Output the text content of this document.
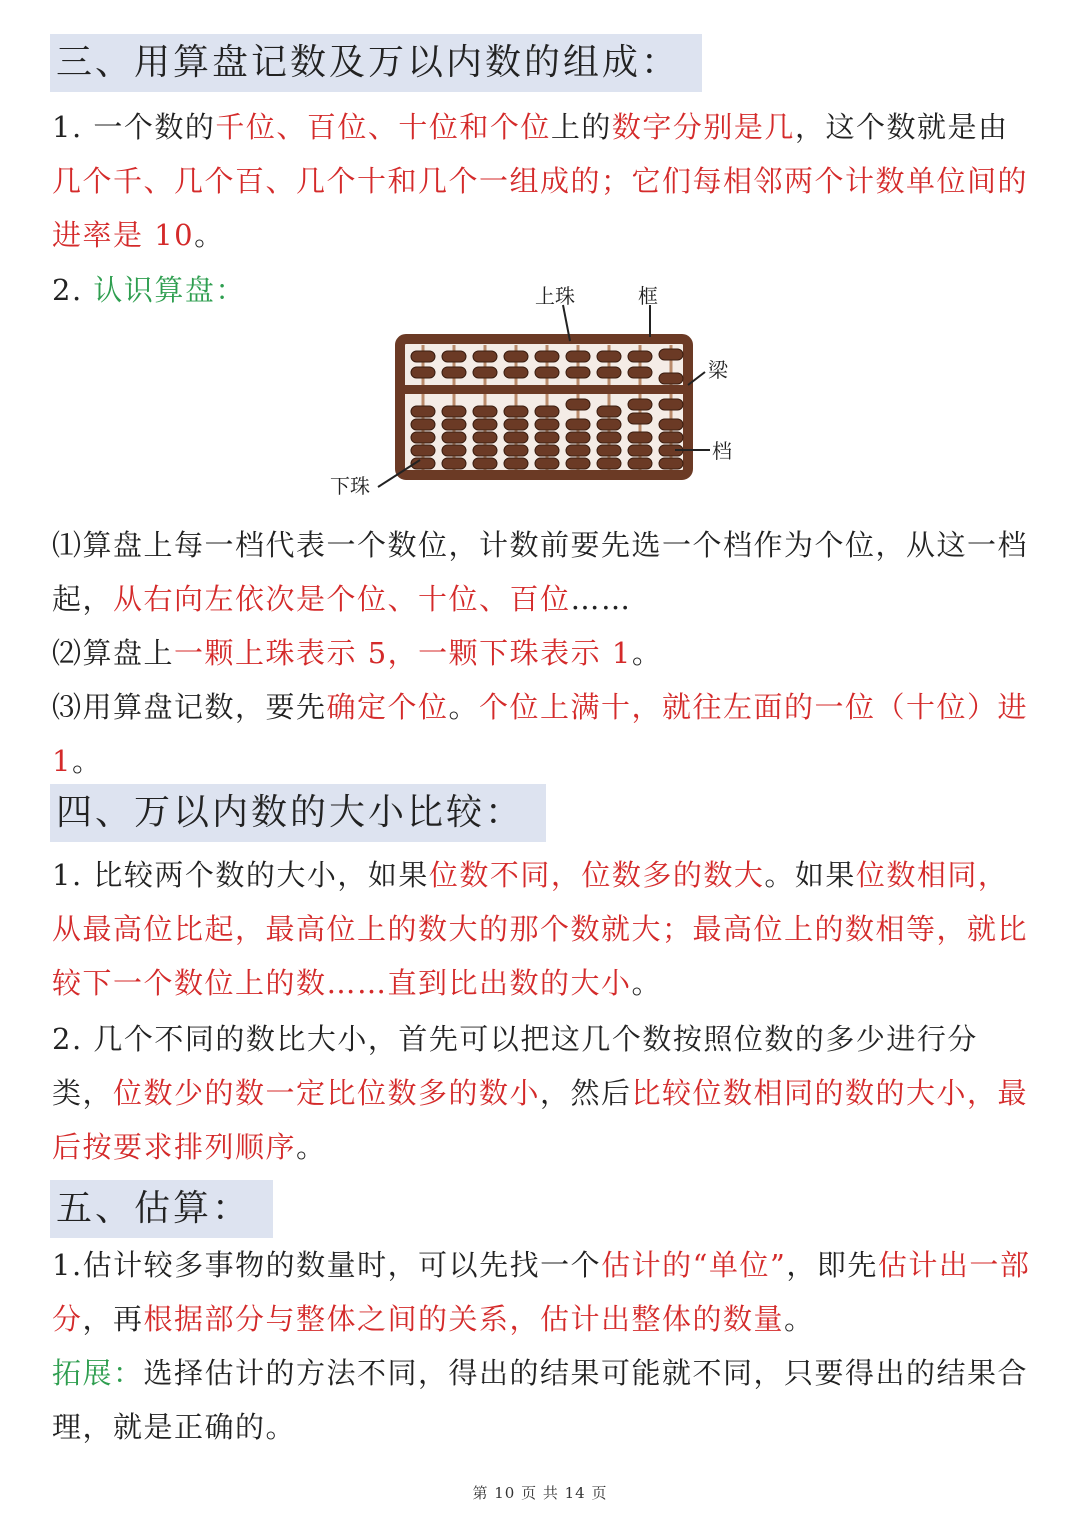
三、用算盘记数及万以内数的组成：
1. 一个数的千位、百位、十位和个位上的数字分别是几，这个数就是由几个千、几个百、几个十和几个一组成的；它们每相邻两个计数单位间的进率是 10。
2. 认识算盘：	上珠	框
梁
档
下珠
⑴算盘上每一档代表一个数位，计数前要先选一个档作为个位，从这一档起，从右向左依次是个位、十位、百位……
⑵算盘上一颗上珠表示 5，一颗下珠表示 1。
⑶用算盘记数，要先确定个位。个位上满十，就往左面的一位（十位）进 1。
四、万以内数的大小比较：
1. 比较两个数的大小，如果位数不同，位数多的数大。如果位数相同，从最高位比起，最高位上的数大的那个数就大；最高位上的数相等，就比较下一个数位上的数……直到比出数的大小。
2. 几个不同的数比大小，首先可以把这几个数按照位数的多少进行分类，位数少的数一定比位数多的数小，然后比较位数相同的数的大小，最后按要求排列顺序。
五、估算：
1.估计较多事物的数量时，可以先找一个估计的“单位”，即先估计出一部分，再根据部分与整体之间的关系，估计出整体的数量。
拓展：选择估计的方法不同，得出的结果可能就不同，只要得出的结果合理，就是正确的。
第 10 页 共 14 页
